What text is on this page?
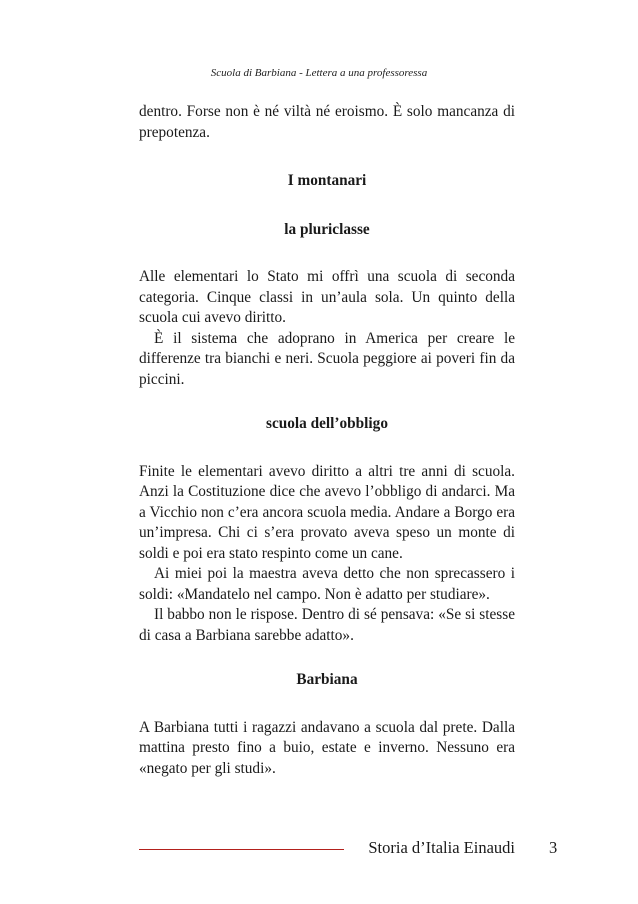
Scuola di Barbiana - Lettera a una professoressa

dentro. Forse non è né viltà né eroismo. È solo mancanza di prepotenza.

I montanari
la pluriclasse

Alle elementari lo Stato mi offrì una scuola di seconda categoria. Cinque classi in un’aula sola. Un quinto della scuola cui avevo diritto.

È il sistema che adoprano in America per creare le differenze tra bianchi e neri. Scuola peggiore ai poveri fin da piccini.

scuola dell’obbligo

Finite le elementari avevo diritto a altri tre anni di scuola. Anzi la Costituzione dice che avevo l’obbligo di andarci. Ma a Vicchio non c’era ancora scuola media. Andare a Borgo era un’impresa. Chi ci s’era provato aveva speso un monte di soldi e poi era stato respinto come un cane.

Ai miei poi la maestra aveva detto che non sprecassero i soldi: «Mandatelo nel campo. Non è adatto per studiare».

Il babbo non le rispose. Dentro di sé pensava: «Se si stesse di casa a Barbiana sarebbe adatto».

Barbiana

A Barbiana tutti i ragazzi andavano a scuola dal prete. Dalla mattina presto fino a buio, estate e inverno. Nessuno era «negato per gli studi».

Storia d’Italia Einaudi 3
